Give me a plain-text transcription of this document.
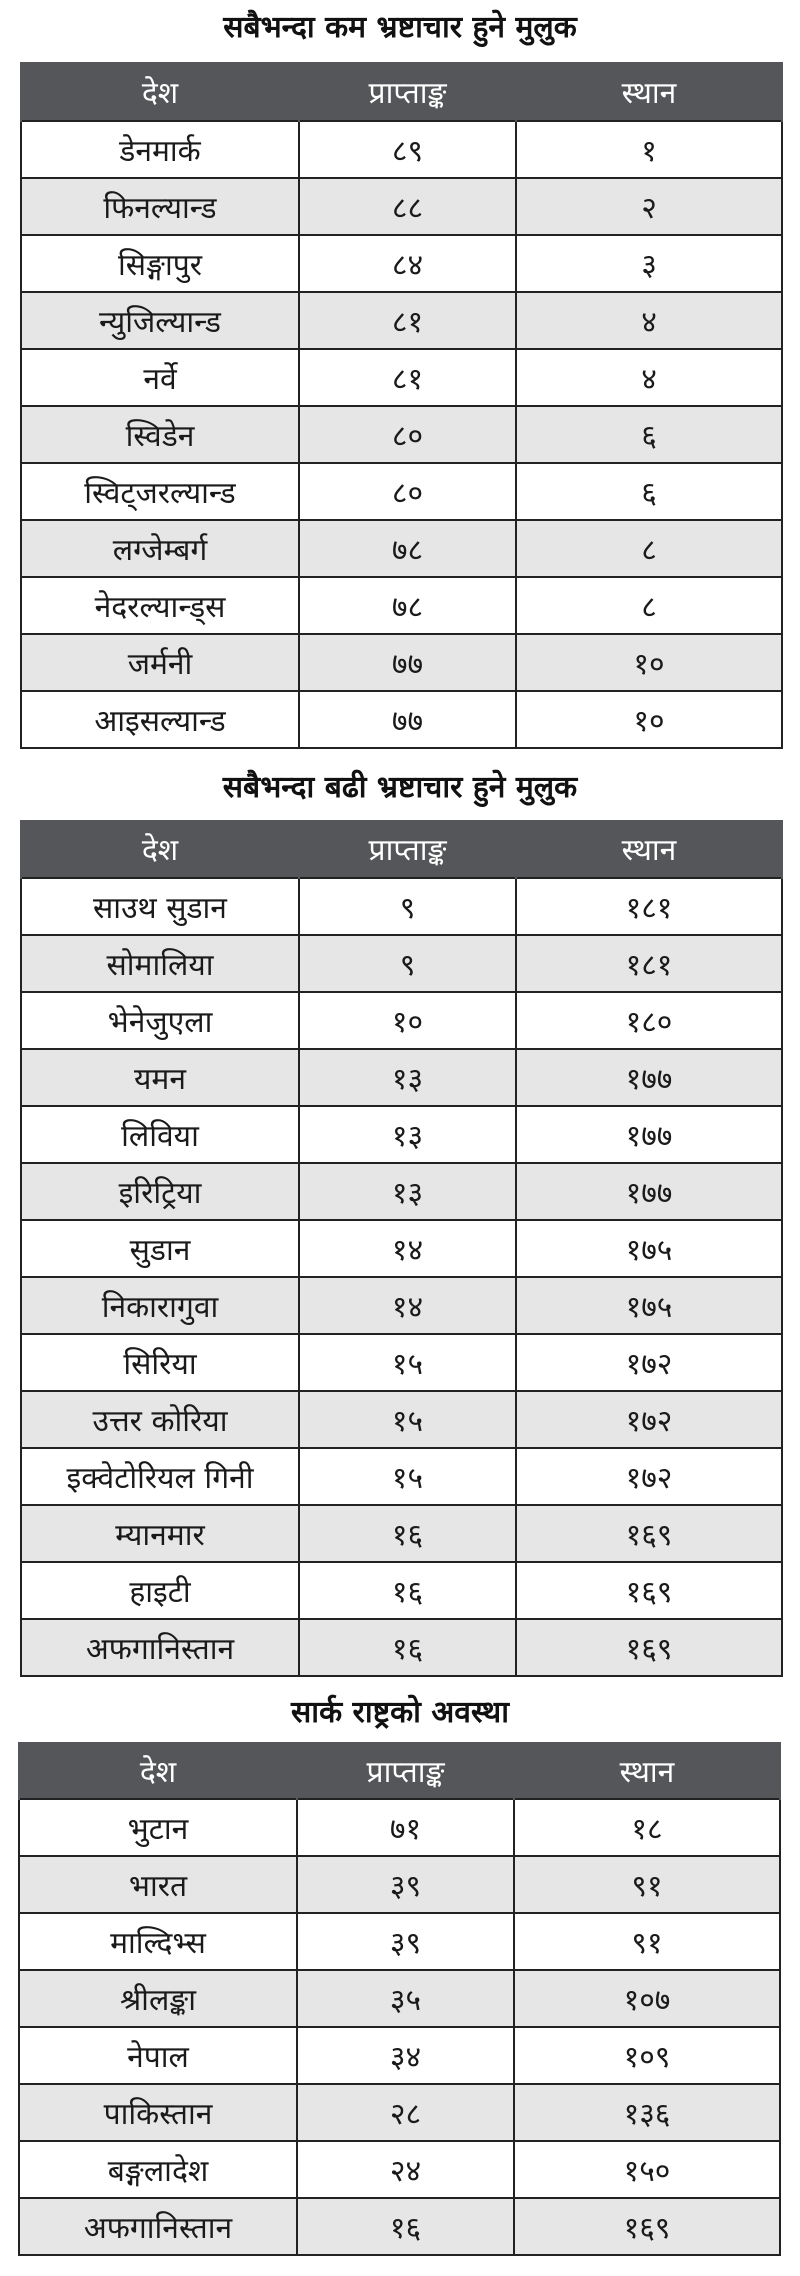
सबैभन्दा कम भ्रष्टाचार हुने मुलुक
देश	प्राप्ताङ्क	स्थान
डेनमार्क	८९	१
फिनल्यान्ड	८८	२
सिङ्गापुर	८४	३
न्युजिल्यान्ड	८१	४
नर्वे	८१	४
स्विडेन	८०	६
स्विट्जरल्यान्ड	८०	६
लग्जेम्बर्ग	७८	८
नेदरल्यान्ड्स	७८	८
जर्मनी	७७	१०
आइसल्यान्ड	७७	१०
सबैभन्दा बढी भ्रष्टाचार हुने मुलुक
देश	प्राप्ताङ्क	स्थान
साउथ सुडान	९	१८१
सोमालिया	९	१८१
भेनेजुएला	१०	१८०
यमन	१३	१७७
लिविया	१३	१७७
इरिट्रिया	१३	१७७
सुडान	१४	१७५
निकारागुवा	१४	१७५
सिरिया	१५	१७२
उत्तर कोरिया	१५	१७२
इक्वेटोरियल गिनी	१५	१७२
म्यानमार	१६	१६९
हाइटी	१६	१६९
अफगानिस्तान	१६	१६९
सार्क राष्ट्रको अवस्था
देश	प्राप्ताङ्क	स्थान
भुटान	७१	१८
भारत	३९	९१
माल्दिभ्स	३९	९१
श्रीलङ्का	३५	१०७
नेपाल	३४	१०९
पाकिस्तान	२८	१३६
बङ्गलादेश	२४	१५०
अफगानिस्तान	१६	१६९
